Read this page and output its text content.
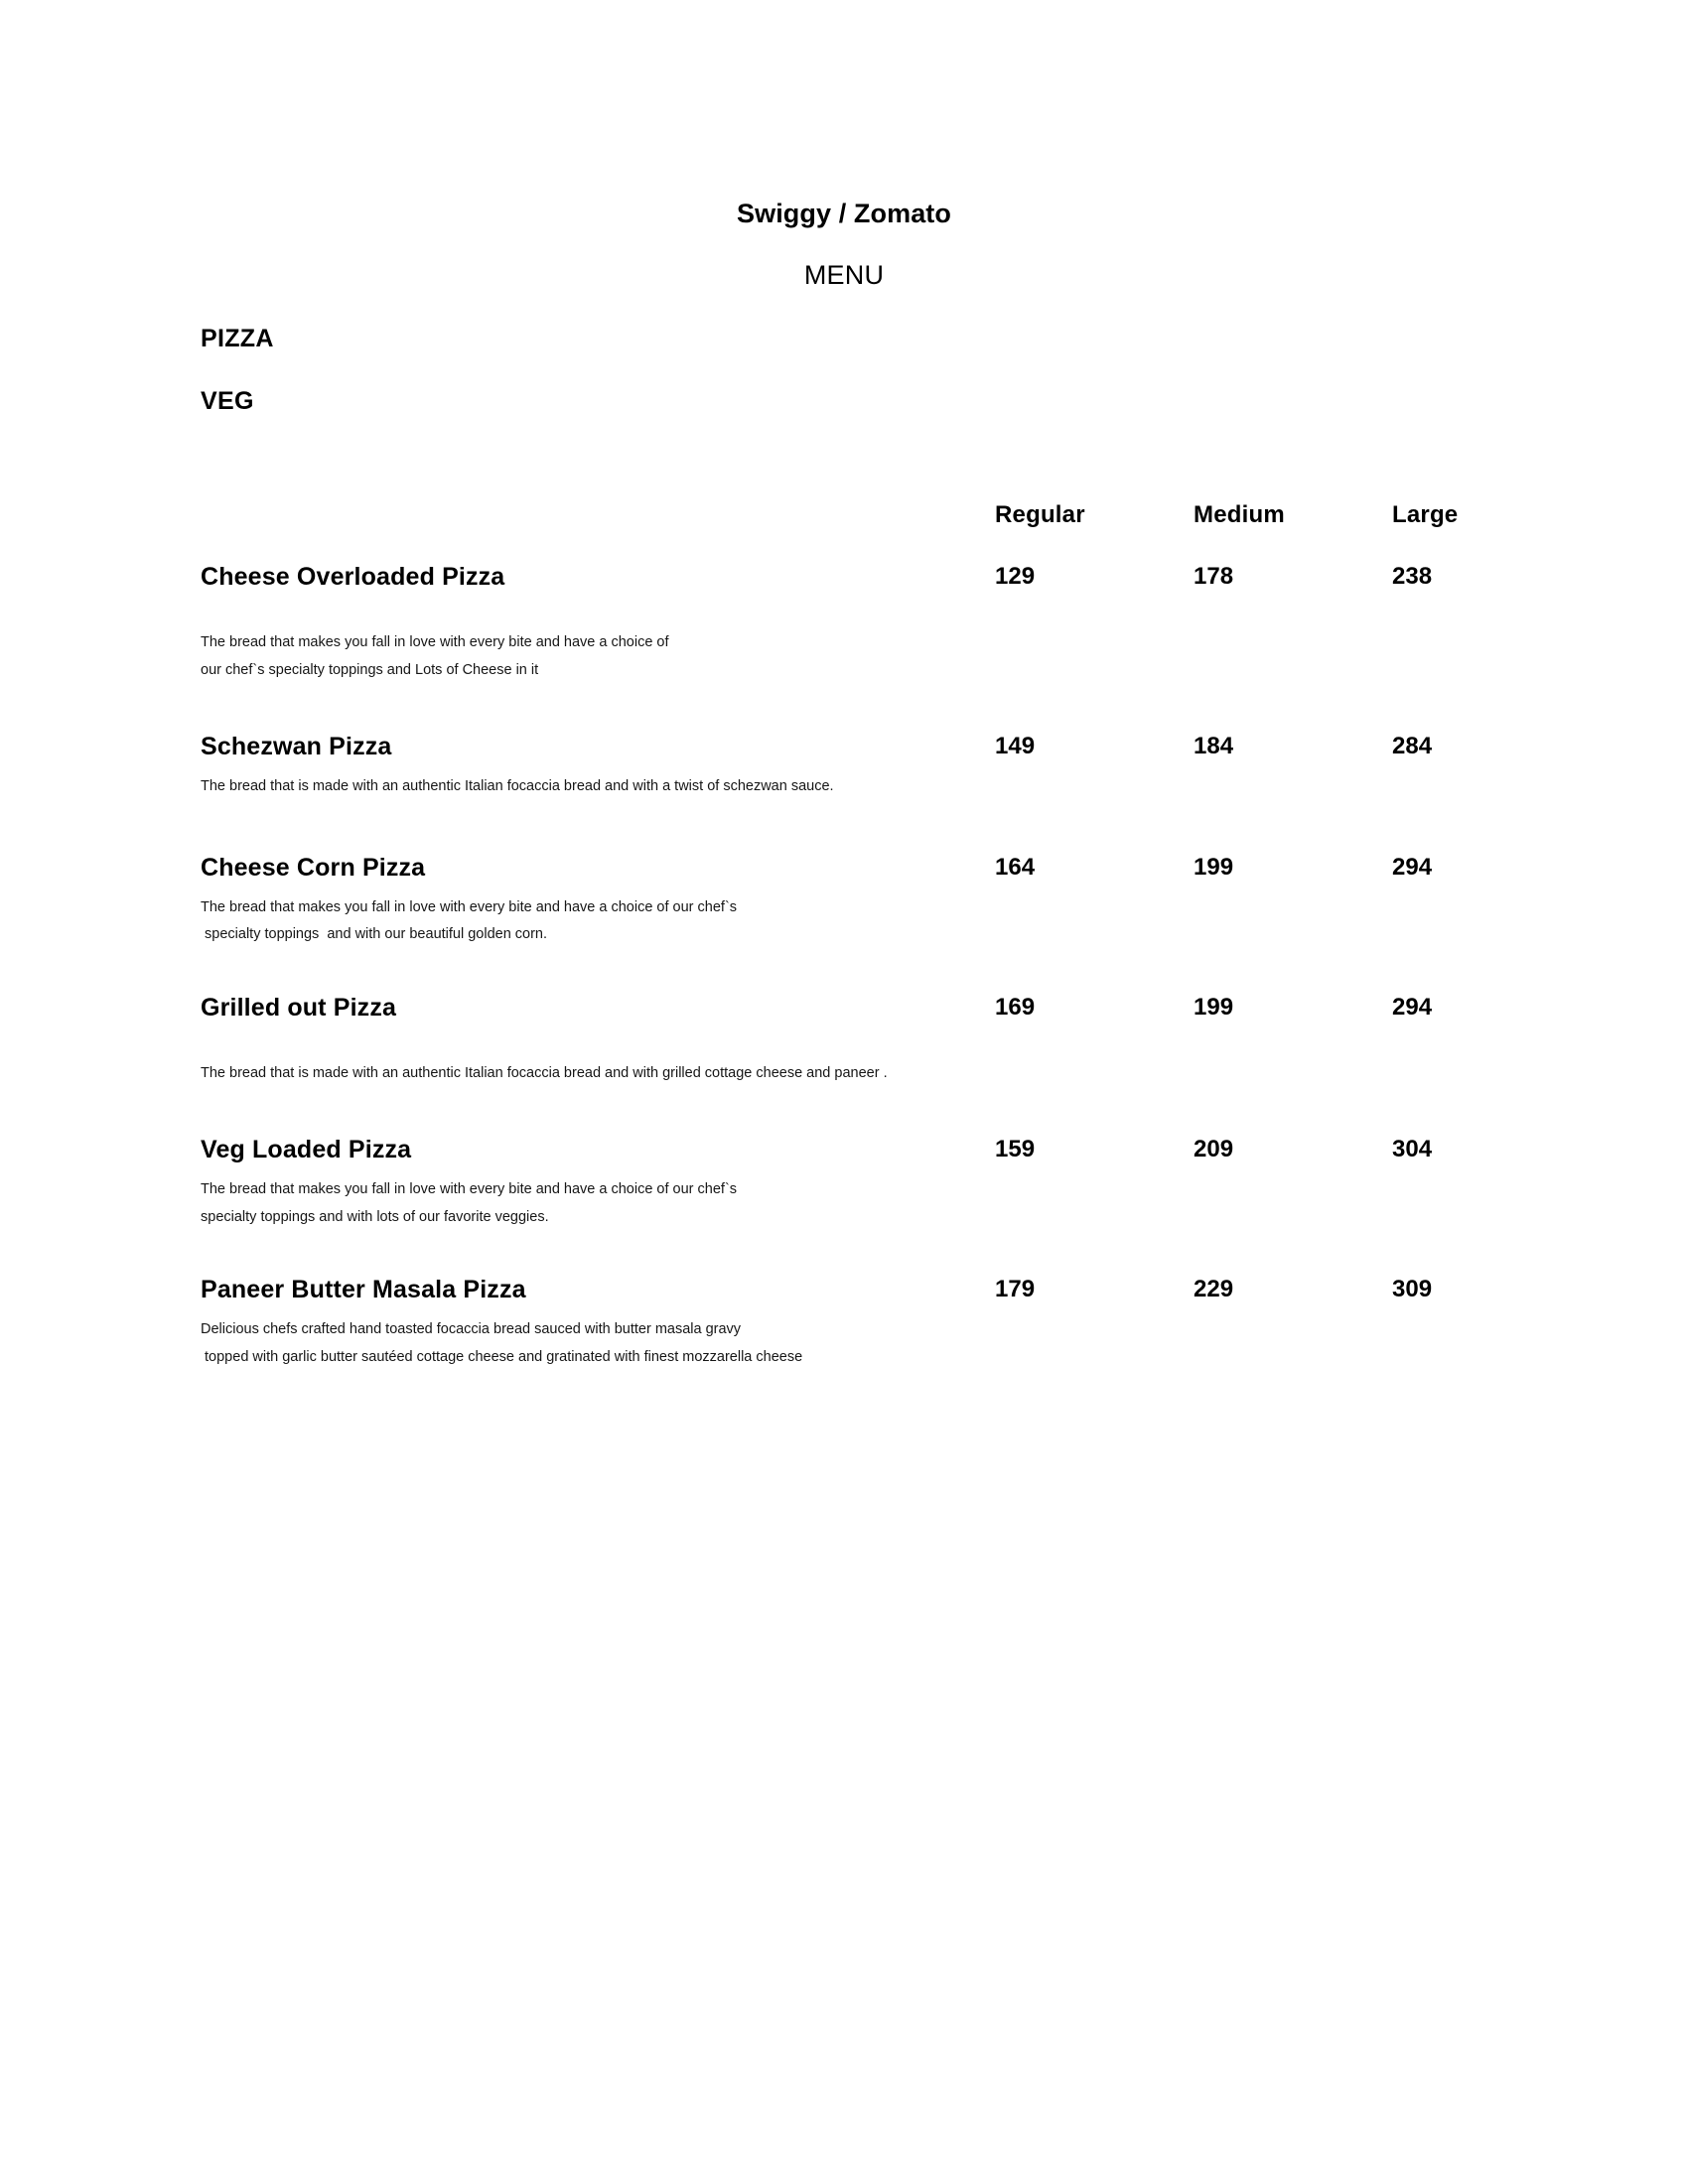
Swiggy / Zomato
MENU
PIZZA
VEG
	Regular	Medium	Large
Cheese Overloaded Pizza	129	178	238

The bread that makes you fall in love with every bite and have a choice of
our chef`s specialty toppings and Lots of Cheese in it			

Schezwan Pizza	149	184	284

The bread that is made with an authentic Italian focaccia bread and with a twist of schezwan sauce.			

Cheese Corn Pizza	164	199	294

The bread that makes you fall in love with every bite and have a choice of our chef`s
specialty toppings  and with our beautiful golden corn.			

Grilled out Pizza	169	199	294

The bread that is made with an authentic Italian focaccia bread and with grilled cottage cheese and paneer .			

Veg Loaded Pizza	159	209	304

The bread that makes you fall in love with every bite and have a choice of our chef`s
specialty toppings and with lots of our favorite veggies.			

Paneer Butter Masala Pizza	179	229	309

Delicious chefs crafted hand toasted focaccia bread sauced with butter masala gravy
topped with garlic butter sautéed cottage cheese and gratinated with finest mozzarella cheese			
